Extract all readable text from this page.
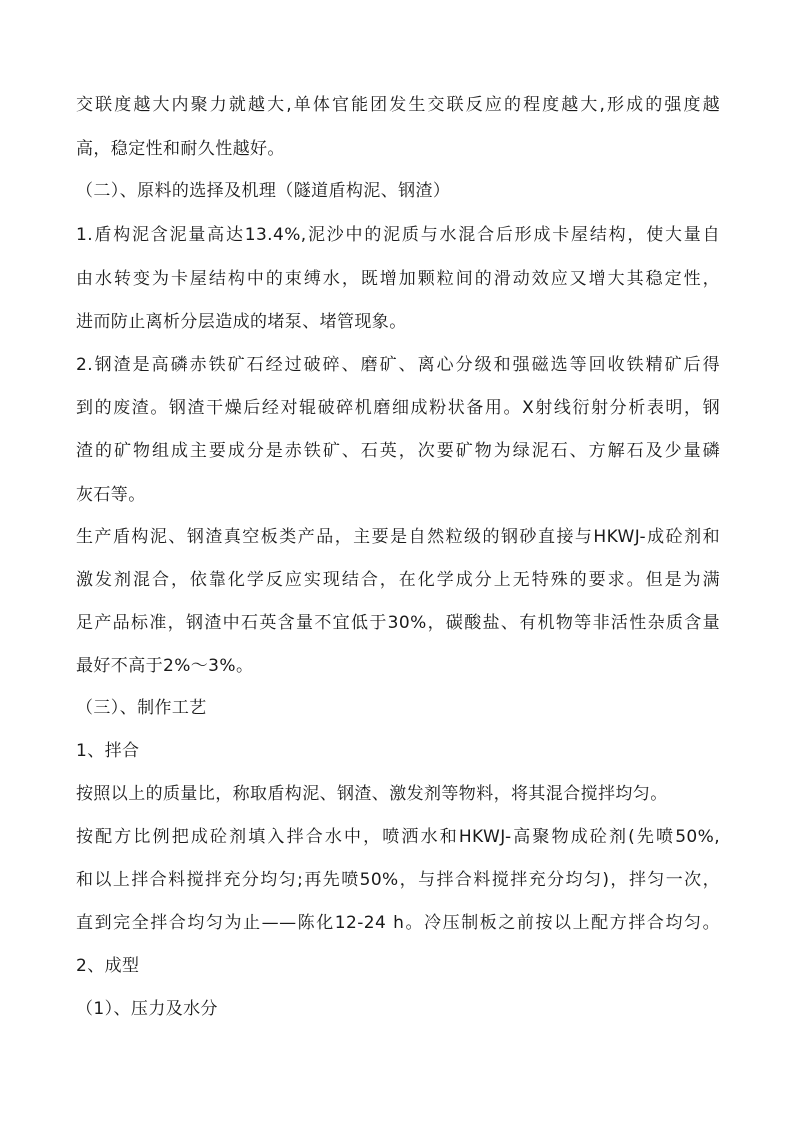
交联度越大内聚力就越大,单体官能团发生交联反应的程度越大,形成的强度越
高，稳定性和耐久性越好。
（二）、原料的选择及机理（隧道盾构泥、钢渣）
1.盾构泥含泥量高达13.4%,泥沙中的泥质与水混合后形成卡屋结构，使大量自
由水转变为卡屋结构中的束缚水，既增加颗粒间的滑动效应又增大其稳定性，
进而防止离析分层造成的堵泵、堵管现象。
2.钢渣是高磷赤铁矿石经过破碎、磨矿、离心分级和强磁选等回收铁精矿后得
到的废渣。钢渣干燥后经对辊破碎机磨细成粉状备用。X射线衍射分析表明，钢
渣的矿物组成主要成分是赤铁矿、石英，次要矿物为绿泥石、方解石及少量磷
灰石等。
生产盾构泥、钢渣真空板类产品，主要是自然粒级的钢砂直接与HKWJ-成砼剂和
激发剂混合，依靠化学反应实现结合，在化学成分上无特殊的要求。但是为满
足产品标准，钢渣中石英含量不宜低于30%，碳酸盐、有机物等非活性杂质含量
最好不高于2%～3%。
（三）、制作工艺
1、拌合
按照以上的质量比，称取盾构泥、钢渣、激发剂等物料，将其混合搅拌均匀。
按配方比例把成砼剂填入拌合水中，喷洒水和HKWJ-高聚物成砼剂(先喷50%,
和以上拌合料搅拌充分均匀;再先喷50%，与拌合料搅拌充分均匀)，拌匀一次，
直到完全拌合均匀为止——陈化12-24 h。冷压制板之前按以上配方拌合均匀。
2、成型
（1）、压力及水分
